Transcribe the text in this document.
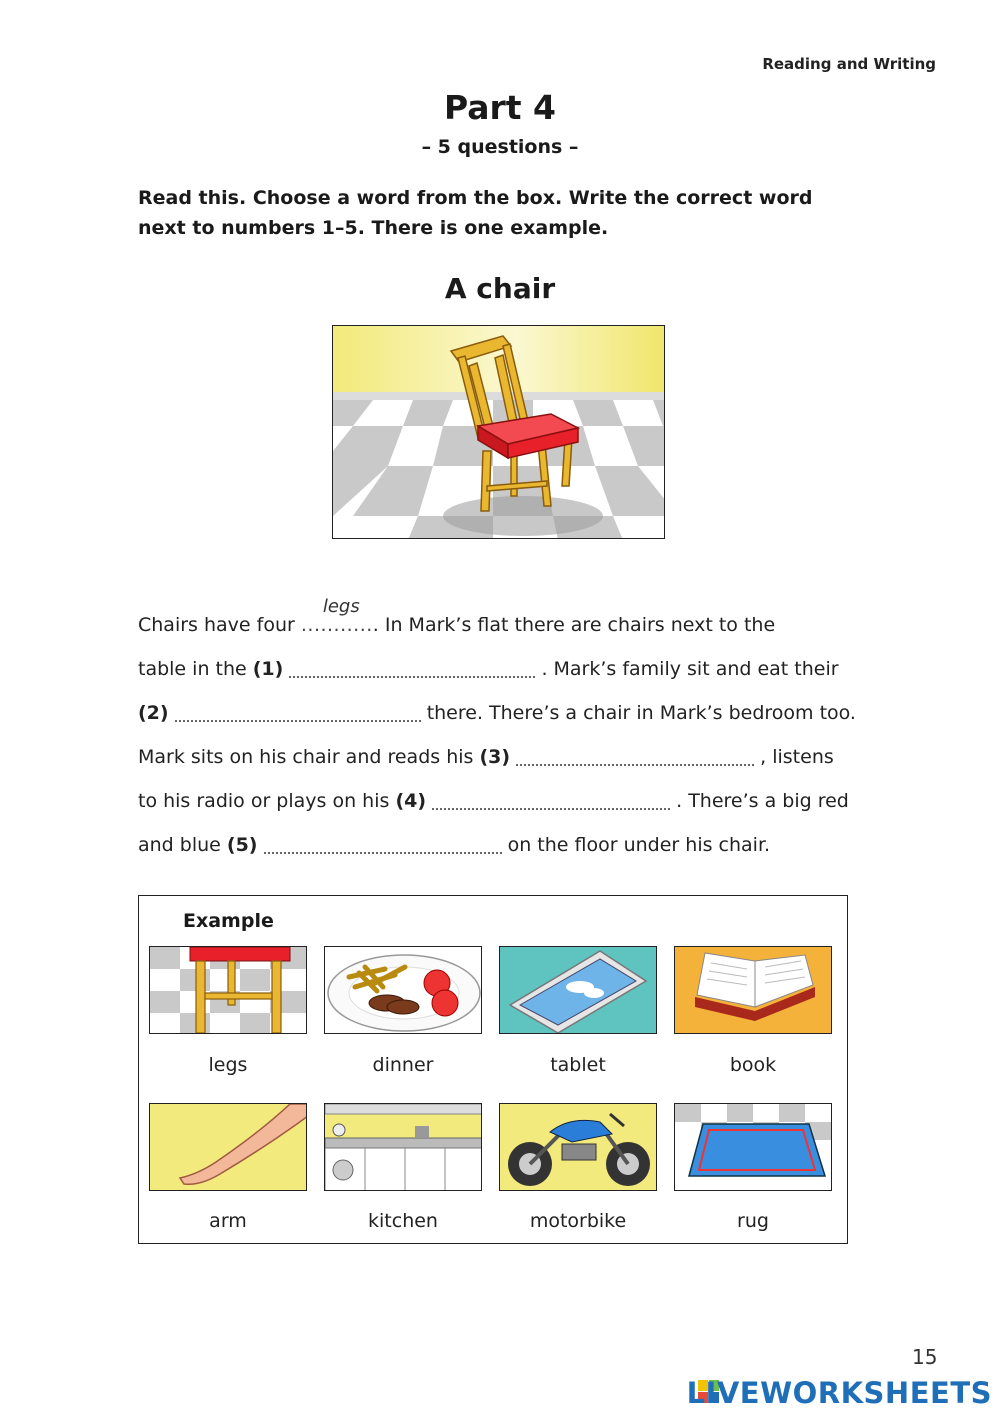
Reading and Writing
Part 4
– 5 questions –
Read this. Choose a word from the box. Write the correct word next to numbers 1–5. There is one example.
A chair
Chairs have four ...........
legs
. In Mark’s flat there are chairs next to the
table in the (1)	. Mark’s family sit and eat their
(2)	there. There’s a chair in Mark’s bedroom too.
Mark sits on his chair and reads his (3)	, listens
to his radio or plays on his (4)	. There’s a big red
and blue (5)	on the floor under his chair.
Example
legs	dinner	tablet	book
arm	kitchen	motorbike	rug
15
LIVEWORKSHEETS
